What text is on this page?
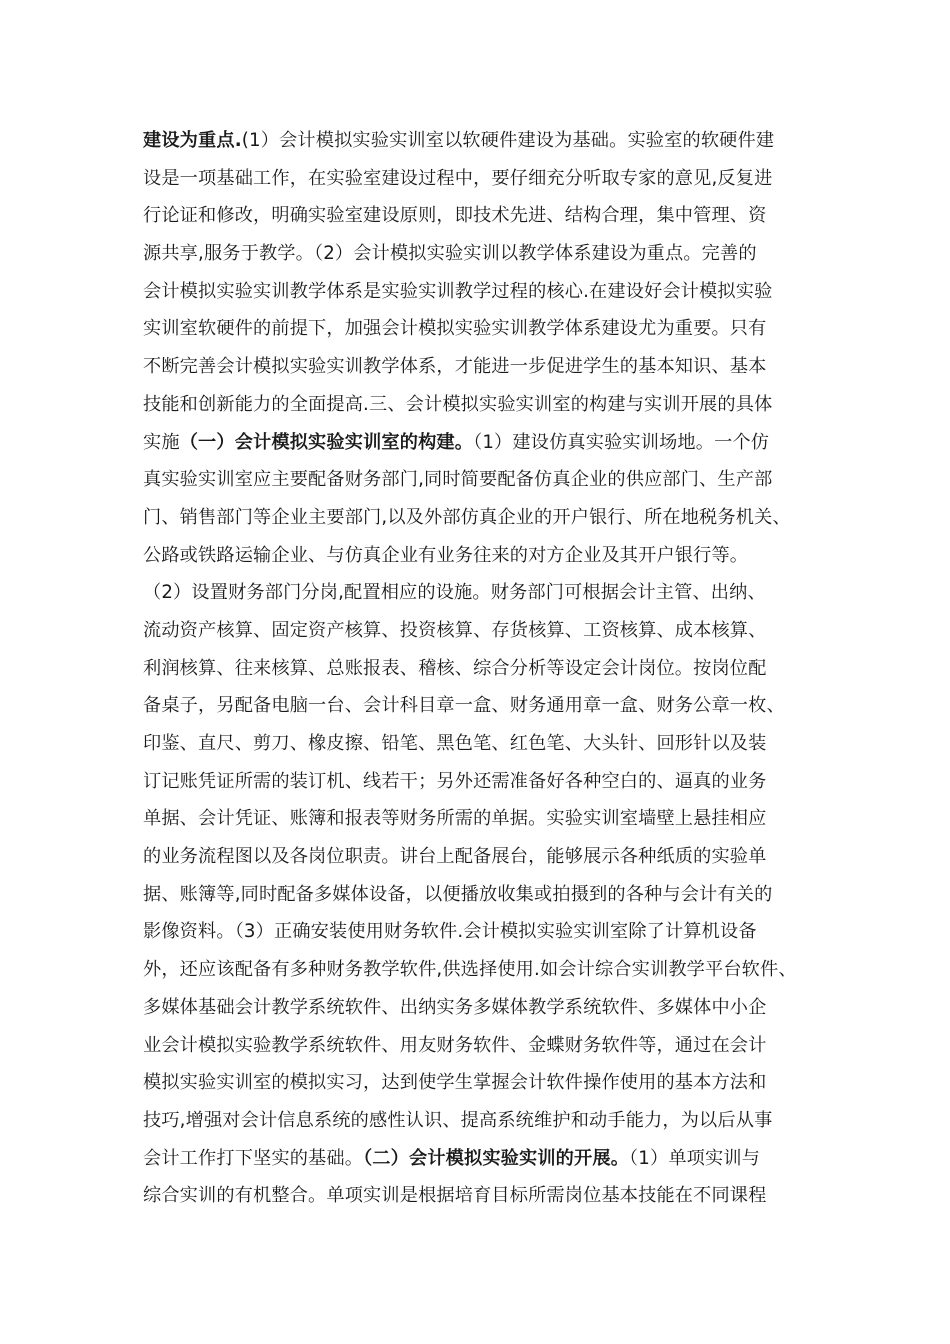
建设为重点.(1）会计模拟实验实训室以软硬件建设为基础。实验室的软硬件建
设是一项基础工作，在实验室建设过程中，要仔细充分听取专家的意见,反复进
行论证和修改，明确实验室建设原则，即技术先进、结构合理，集中管理、资
源共享,服务于教学。（2）会计模拟实验实训以教学体系建设为重点。完善的
会计模拟实验实训教学体系是实验实训教学过程的核心.在建设好会计模拟实验
实训室软硬件的前提下，加强会计模拟实验实训教学体系建设尤为重要。只有
不断完善会计模拟实验实训教学体系，才能进一步促进学生的基本知识、基本
技能和创新能力的全面提高.三、会计模拟实验实训室的构建与实训开展的具体
实施（一）会计模拟实验实训室的构建。（1）建设仿真实验实训场地。一个仿
真实验实训室应主要配备财务部门,同时简要配备仿真企业的供应部门、生产部
门、销售部门等企业主要部门,以及外部仿真企业的开户银行、所在地税务机关、
公路或铁路运输企业、与仿真企业有业务往来的对方企业及其开户银行等。
（2）设置财务部门分岗,配置相应的设施。财务部门可根据会计主管、出纳、
流动资产核算、固定资产核算、投资核算、存货核算、工资核算、成本核算、
利润核算、往来核算、总账报表、稽核、综合分析等设定会计岗位。按岗位配
备桌子，另配备电脑一台、会计科目章一盒、财务通用章一盒、财务公章一枚、
印鉴、直尺、剪刀、橡皮擦、铅笔、黑色笔、红色笔、大头针、回形针以及装
订记账凭证所需的装订机、线若干；另外还需准备好各种空白的、逼真的业务
单据、会计凭证、账簿和报表等财务所需的单据。实验实训室墙壁上悬挂相应
的业务流程图以及各岗位职责。讲台上配备展台，能够展示各种纸质的实验单
据、账簿等,同时配备多媒体设备，以便播放收集或拍摄到的各种与会计有关的
影像资料。（3）正确安装使用财务软件.会计模拟实验实训室除了计算机设备
外，还应该配备有多种财务教学软件,供选择使用.如会计综合实训教学平台软件、
多媒体基础会计教学系统软件、出纳实务多媒体教学系统软件、多媒体中小企
业会计模拟实验教学系统软件、用友财务软件、金蝶财务软件等，通过在会计
模拟实验实训室的模拟实习，达到使学生掌握会计软件操作使用的基本方法和
技巧,增强对会计信息系统的感性认识、提高系统维护和动手能力，为以后从事
会计工作打下坚实的基础。（二）会计模拟实验实训的开展。（1）单项实训与
综合实训的有机整合。单项实训是根据培育目标所需岗位基本技能在不同课程
